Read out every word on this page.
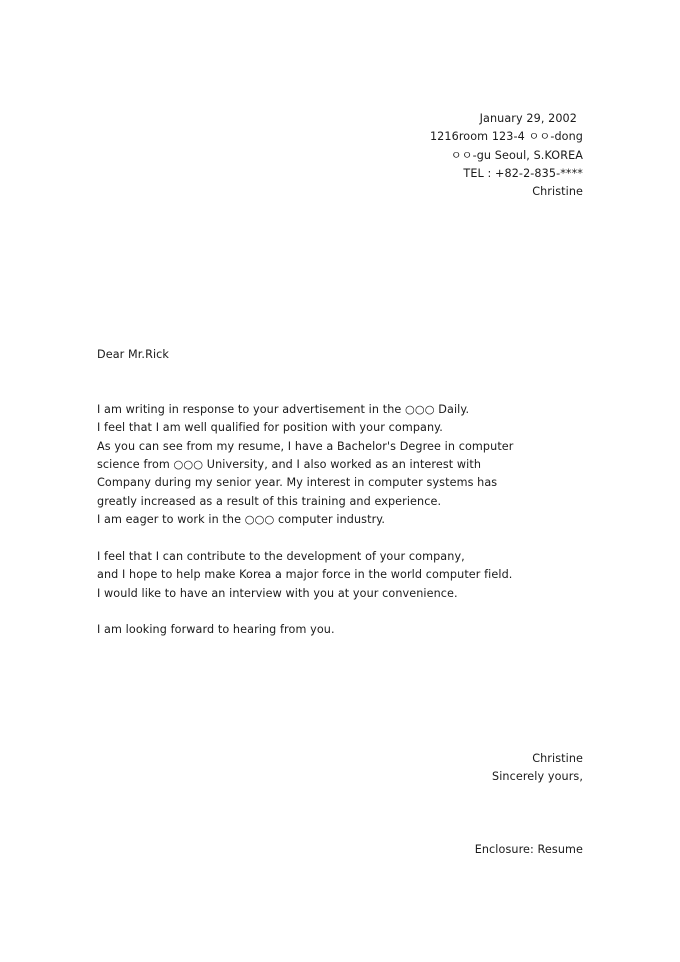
January 29, 2002
1216room 123-4 ㅇㅇ-dong
ㅇㅇ-gu Seoul, S.KOREA
TEL : +82-2-835-****
Christine
Dear Mr.Rick
I am writing in response to your advertisement in the ○○○ Daily.
I feel that I am well qualified for position with your company.
As you can see from my resume, I have a Bachelor's Degree in computer
science from ○○○ University, and I also worked as an interest with
Company during my senior year. My interest in computer systems has
greatly increased as a result of this training and experience.
I am eager to work in the ○○○ computer industry.
I feel that I can contribute to the development of your company,
and I hope to help make Korea a major force in the world computer field.
I would like to have an interview with you at your convenience.
I am looking forward to hearing from you.
Christine
Sincerely yours,
Enclosure: Resume
